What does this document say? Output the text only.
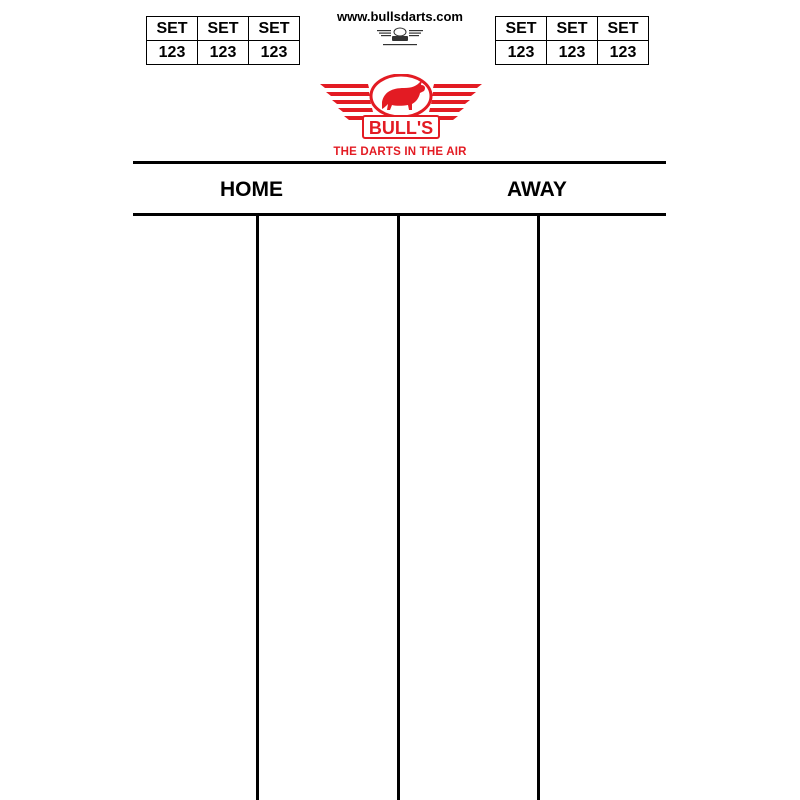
SET	SET	SET
123	123	123
SET	SET	SET
123	123	123
www.bullsdarts.com
BULL'S
THE DARTS IN THE AIR
HOME	AWAY
